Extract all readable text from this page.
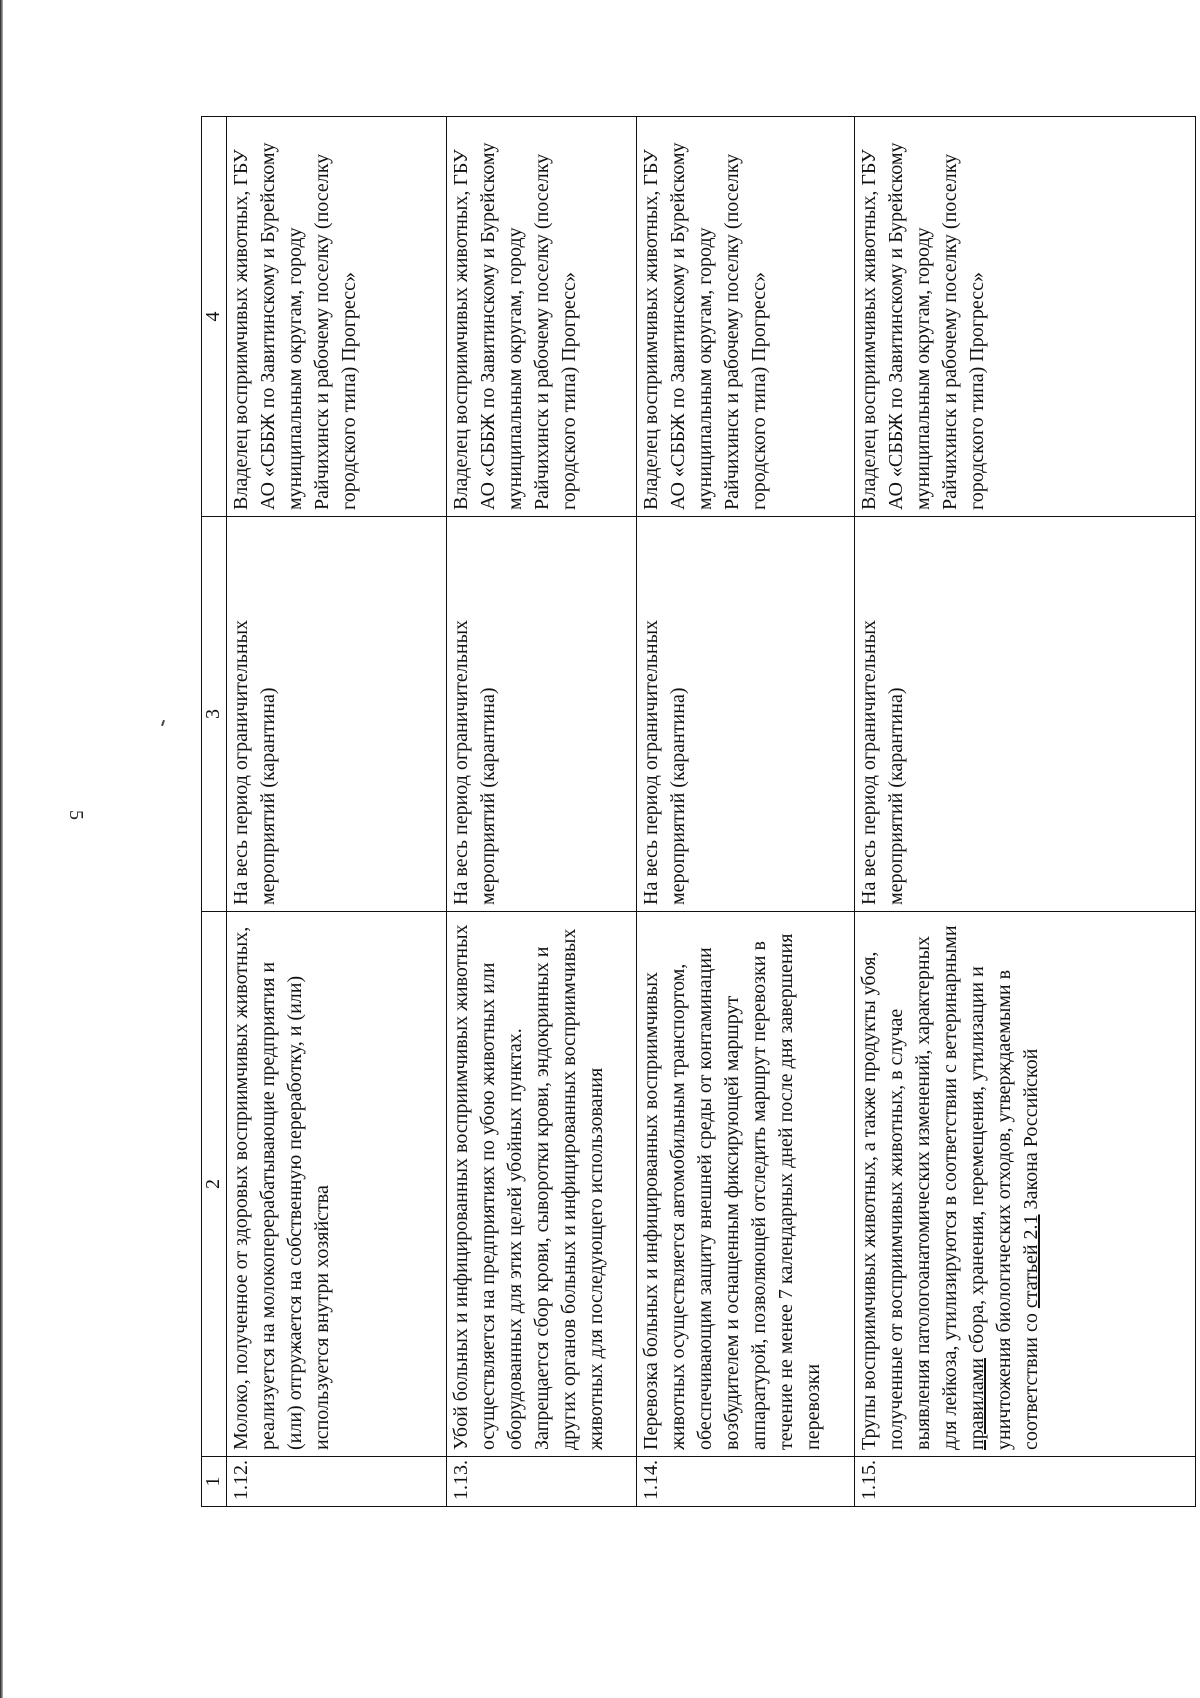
5
1	2	3	4
1.12.	Молоко, полученное от здоровых восприимчивых животных, реализуется на молокоперерабатывающие предприятия и (или) отгружается на собственную переработку, и (или) используется внутри хозяйства	На весь период ограничительных мероприятий (карантина)	Владелец восприимчивых животных, ГБУ АО «СББЖ по Завитинскому и Бурейскому муниципальным округам, городу Райчихинск и рабочему поселку (поселку городского типа) Прогресс»
1.13.	Убой больных и инфицированных восприимчивых животных осуществляется на предприятиях по убою животных или оборудованных для этих целей убойных пунктах. Запрещается сбор крови, сыворотки крови, эндокринных и других органов больных и инфицированных восприимчивых животных для последующего использования	На весь период ограничительных мероприятий (карантина)	Владелец восприимчивых животных, ГБУ АО «СББЖ по Завитинскому и Бурейскому муниципальным округам, городу Райчихинск и рабочему поселку (поселку городского типа) Прогресс»
1.14.	Перевозка больных и инфицированных восприимчивых животных осуществляется автомобильным транспортом, обеспечивающим защиту внешней среды от контаминации возбудителем и оснащенным фиксирующей маршрут аппаратурой, позволяющей отследить маршрут перевозки в течение не менее 7 календарных дней после дня завершения перевозки	На весь период ограничительных мероприятий (карантина)	Владелец восприимчивых животных, ГБУ АО «СББЖ по Завитинскому и Бурейскому муниципальным округам, городу Райчихинск и рабочему поселку (поселку городского типа) Прогресс»
1.15.	Трупы восприимчивых животных, а также продукты убоя, полученные от восприимчивых животных, в случае выявления патологоанатомических изменений, характерных для лейкоза, утилизируются в соответствии с ветеринарными правилами сбора, хранения, перемещения, утилизации и уничтожения биологических отходов, утверждаемыми в соответствии со статьей 2.1 Закона Российской	На весь период ограничительных мероприятий (карантина)	Владелец восприимчивых животных, ГБУ АО «СББЖ по Завитинскому и Бурейскому муниципальным округам, городу Райчихинск и рабочему поселку (поселку городского типа) Прогресс»
